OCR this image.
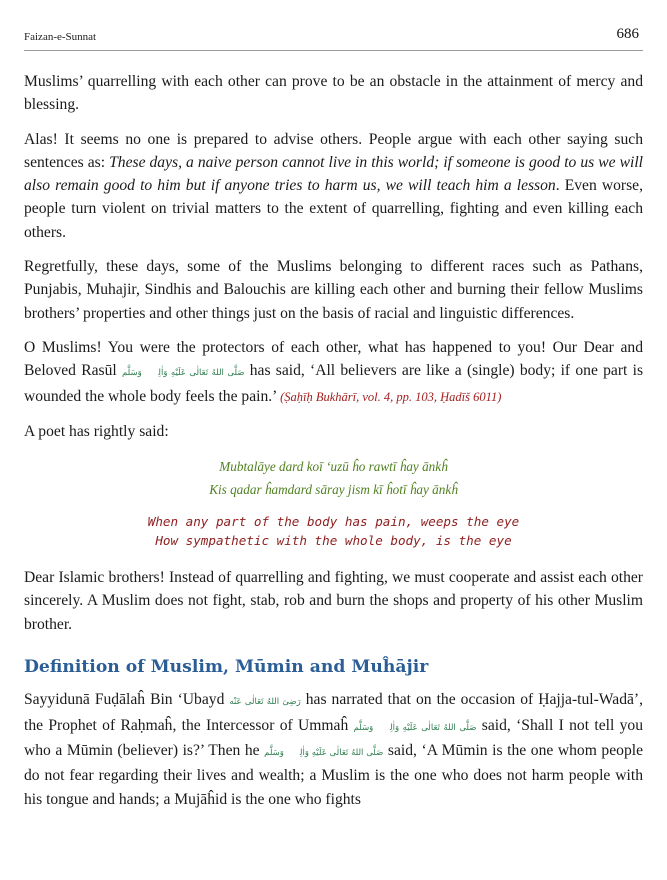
Faizan-e-Sunnat	686

Muslims’ quarrelling with each other can prove to be an obstacle in the attainment of mercy and blessing.

Alas! It seems no one is prepared to advise others. People argue with each other saying such sentences as: These days, a naive person cannot live in this world; if someone is good to us we will also remain good to him but if anyone tries to harm us, we will teach him a lesson. Even worse, people turn violent on trivial matters to the extent of quarrelling, fighting and even killing each others.

Regretfully, these days, some of the Muslims belonging to different races such as Pathans, Punjabis, Muhajir, Sindhis and Balouchis are killing each other and burning their fellow Muslims brothers’ properties and other things just on the basis of racial and linguistic differences.

O Muslims! You were the protectors of each other, what has happened to you! Our Dear and Beloved Rasūl صَلَّى اللهُ تَعَالٰی عَلَيْهِ وَاٰلِهٖ وَسَلَّم has said, ‘All believers are like a (single) body; if one part is wounded the whole body feels the pain.’ (Ṣaḥīḥ Bukhārī, vol. 4, pp. 103, Ḥadīš 6011)

A poet has rightly said:

Mubtalāye dard koī ‘uzū ĥo rawtī ĥay ānkĥ
Kis qadar ĥamdard sāray jism kī ĥotī ĥay ānkĥ
When any part of the body has pain, weeps the eye
How sympathetic with the whole body, is the eye

Dear Islamic brothers! Instead of quarrelling and fighting, we must cooperate and assist each other sincerely. A Muslim does not fight, stab, rob and burn the shops and property of his other Muslim brother.

Definition of Muslim, Mūmin and Muĥājir

Sayyidunā Fuḍālaĥ Bin ‘Ubayd رَضِیَ اللهُ تَعَالٰی عَنْه has narrated that on the occasion of Ḥajja-tul-Wadā’, the Prophet of Raḥmaĥ, the Intercessor of Ummaĥ صَلَّى اللهُ تَعَالٰی عَلَيْهِ وَاٰلِهٖ وَسَلَّم said, ‘Shall I not tell you who a Mūmin (believer) is?’ Then he صَلَّى اللهُ تَعَالٰی عَلَيْهِ وَاٰلِهٖ وَسَلَّم said, ‘A Mūmin is the one whom people do not fear regarding their lives and wealth; a Muslim is the one who does not harm people with his tongue and hands; a Mujāĥid is the one who fights
